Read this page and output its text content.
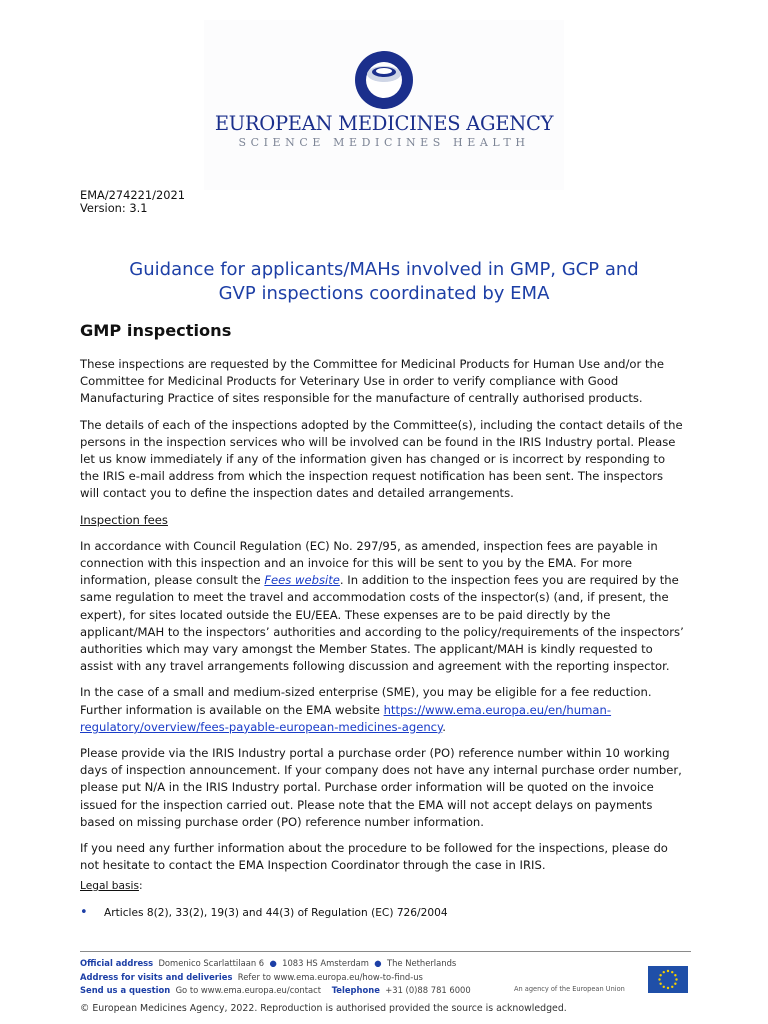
EUROPEAN MEDICINES AGENCY
SCIENCE MEDICINES HEALTH
EMA/274221/2021
Version: 3.1
Guidance for applicants/MAHs involved in GMP, GCP and
GVP inspections coordinated by EMA
GMP inspections

These inspections are requested by the Committee for Medicinal Products for Human Use and/or the
Committee for Medicinal Products for Veterinary Use in order to verify compliance with Good
Manufacturing Practice of sites responsible for the manufacture of centrally authorised products.

The details of each of the inspections adopted by the Committee(s), including the contact details of the
persons in the inspection services who will be involved can be found in the IRIS Industry portal. Please
let us know immediately if any of the information given has changed or is incorrect by responding to
the IRIS e-mail address from which the inspection request notification has been sent. The inspectors
will contact you to define the inspection dates and detailed arrangements.

Inspection fees

In accordance with Council Regulation (EC) No. 297/95, as amended, inspection fees are payable in
connection with this inspection and an invoice for this will be sent to you by the EMA. For more
information, please consult the Fees website. In addition to the inspection fees you are required by the
same regulation to meet the travel and accommodation costs of the inspector(s) (and, if present, the
expert), for sites located outside the EU/EEA. These expenses are to be paid directly by the
applicant/MAH to the inspectors’ authorities and according to the policy/requirements of the inspectors’
authorities which may vary amongst the Member States. The applicant/MAH is kindly requested to
assist with any travel arrangements following discussion and agreement with the reporting inspector.

In the case of a small and medium-sized enterprise (SME), you may be eligible for a fee reduction.
Further information is available on the EMA website https://www.ema.europa.eu/en/human-
regulatory/overview/fees-payable-european-medicines-agency.

Please provide via the IRIS Industry portal a purchase order (PO) reference number within 10 working
days of inspection announcement. If your company does not have any internal purchase order number,
please put N/A in the IRIS Industry portal. Purchase order information will be quoted on the invoice
issued for the inspection carried out. Please note that the EMA will not accept delays on payments
based on missing purchase order (PO) reference number information.

If you need any further information about the procedure to be followed for the inspections, please do
not hesitate to contact the EMA Inspection Coordinator through the case in IRIS.

Legal basis:
• Articles 8(2), 33(2), 19(3) and 44(3) of Regulation (EC) 726/2004
Official address Domenico Scarlattilaan 6  ●  1083 HS Amsterdam  ●  The Netherlands
Address for visits and deliveries Refer to www.ema.europa.eu/how-to-find-us
Send us a question Go to www.ema.europa.eu/contact Telephone +31 (0)88 781 6000	An agency of the European Union
© European Medicines Agency, 2022. Reproduction is authorised provided the source is acknowledged.
